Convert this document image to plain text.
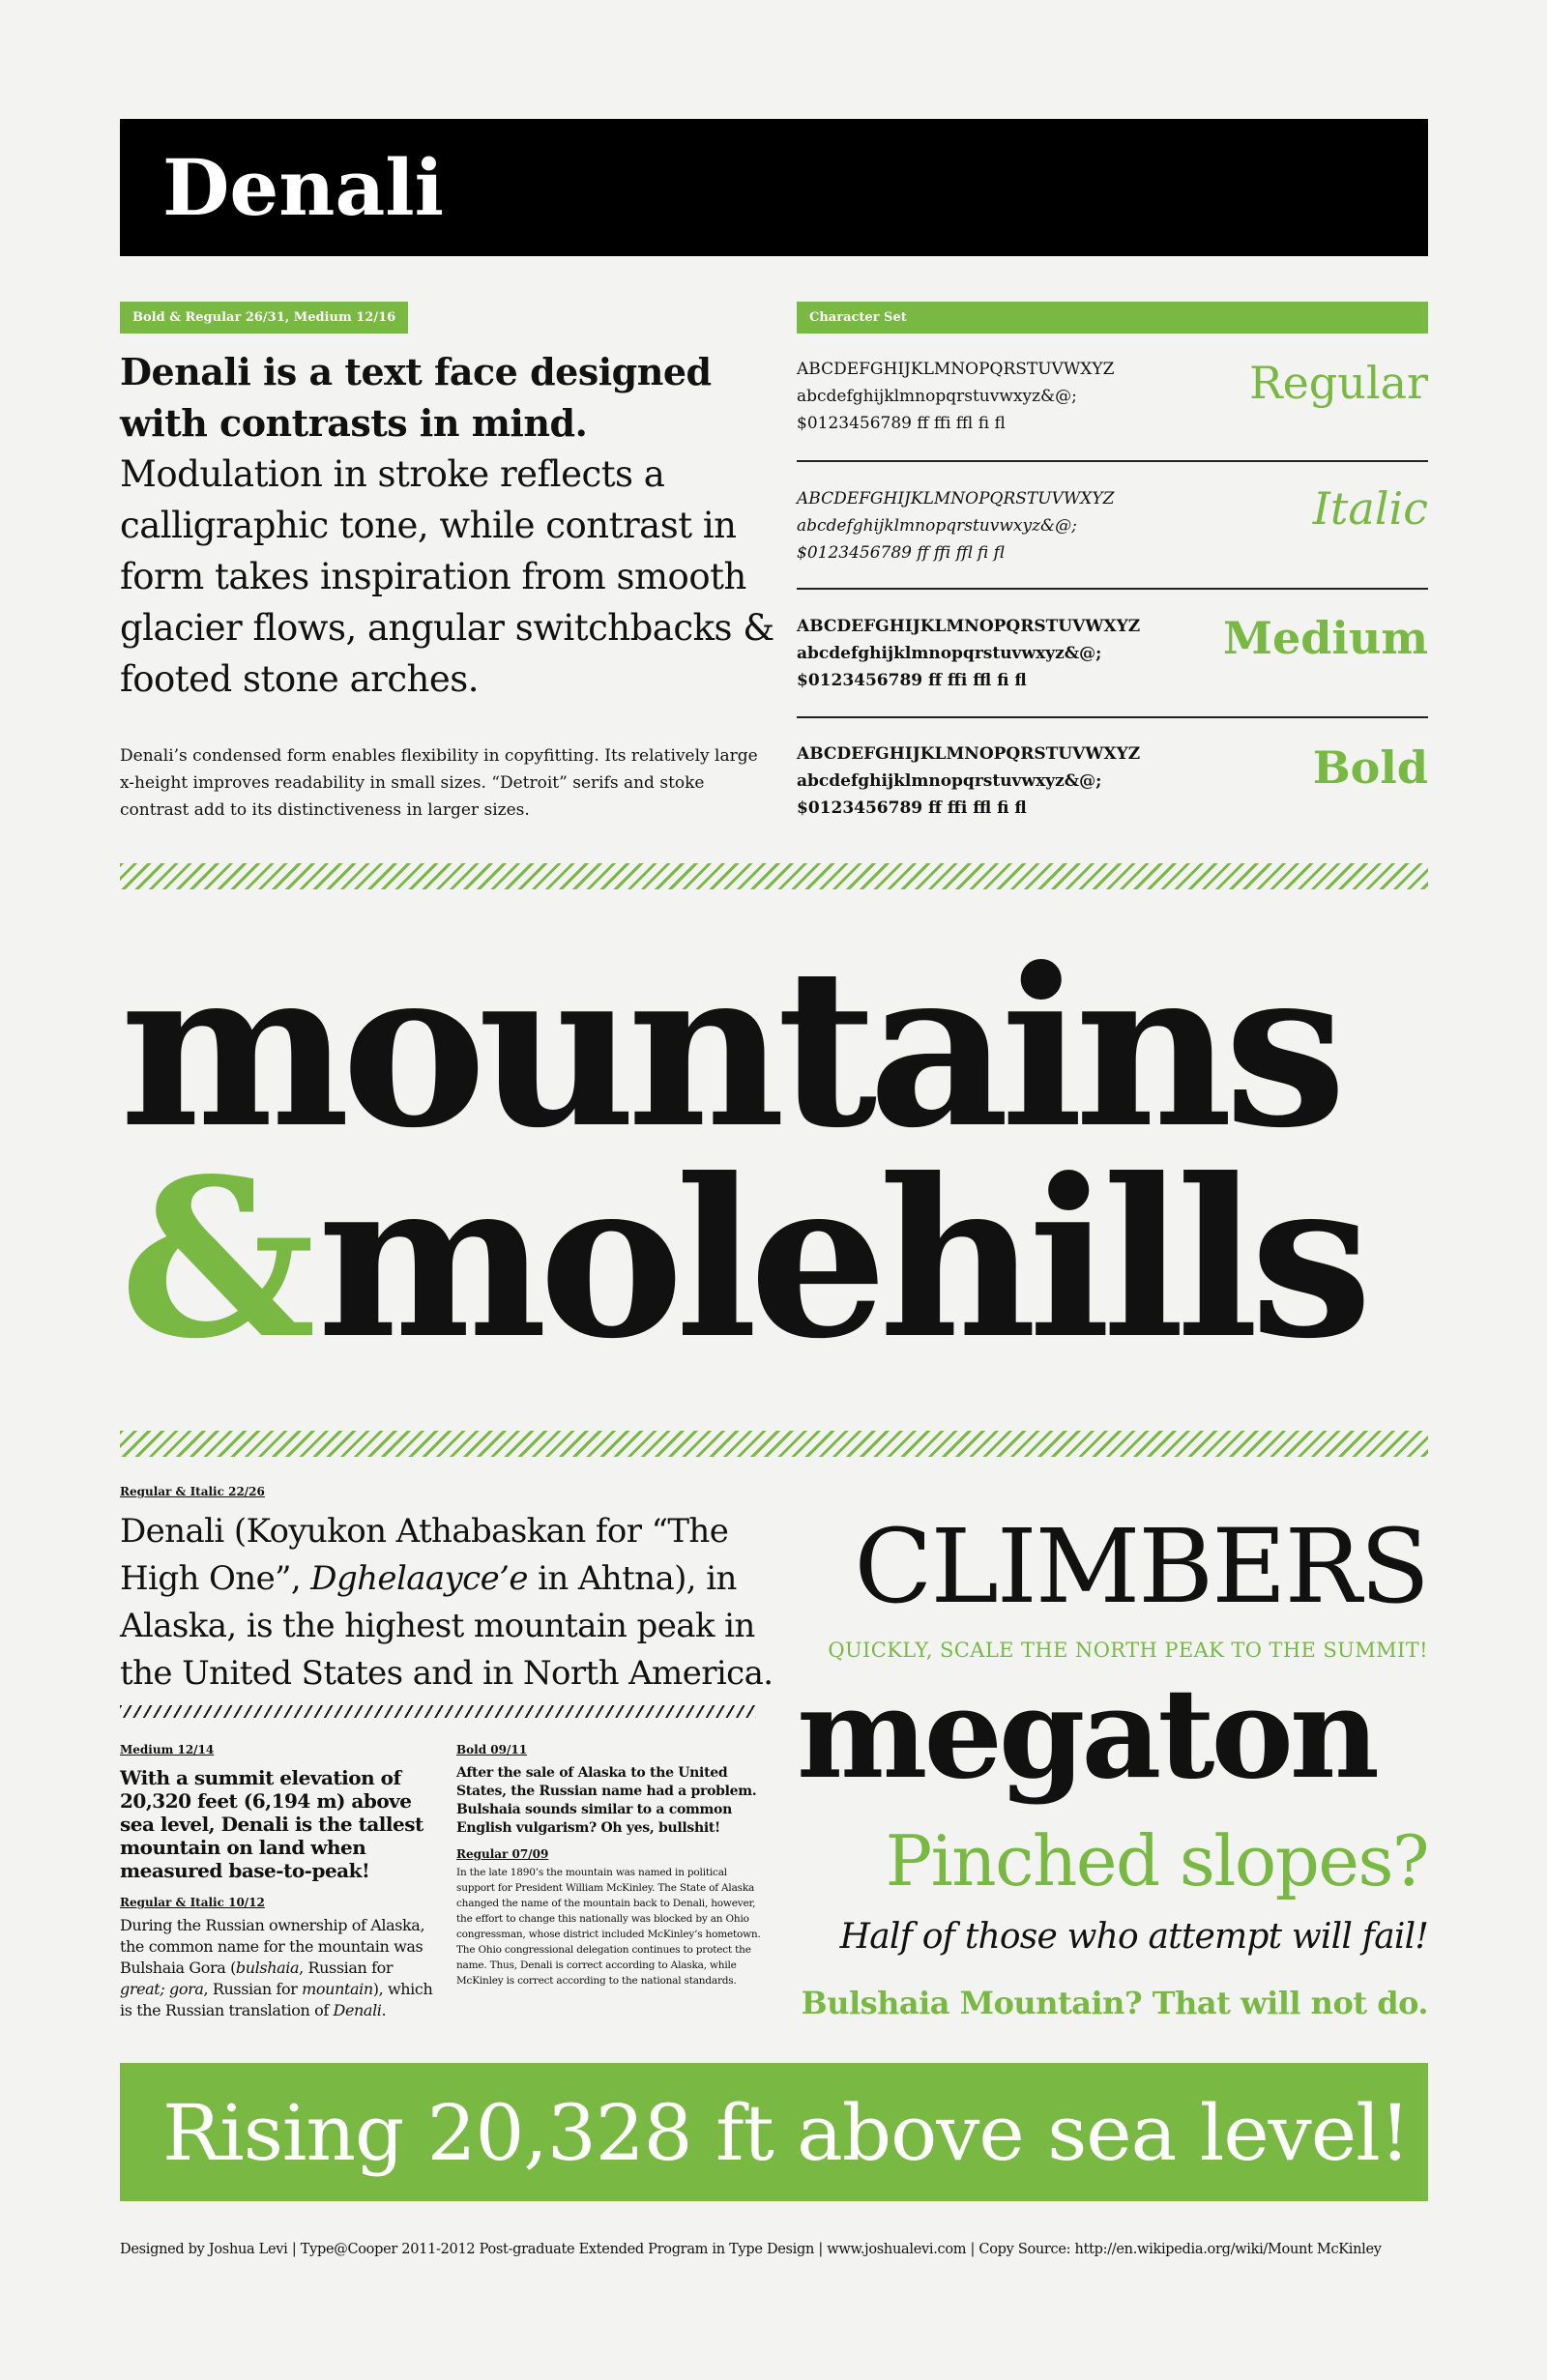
Denali
Bold & Regular 26/31, Medium 12/16
Denali is a text face designed with contrasts in mind.
Modulation in stroke reflects a calligraphic tone, while contrast in form takes inspiration from smooth glacier flows, angular switchbacks & footed stone arches.
Denali’s condensed form enables flexibility in copyfitting. Its relatively large x-height improves readability in small sizes. “Detroit” serifs and stoke contrast add to its distinctiveness in larger sizes.
Character Set
ABCDEFGHIJKLMNOPQRSTUVWXYZ
abcdefghijklmnopqrstuvwxyz&@;
$0123456789 ff ffi ffl fi fl
Regular
ABCDEFGHIJKLMNOPQRSTUVWXYZ
abcdefghijklmnopqrstuvwxyz&@;
$0123456789 ff ffi ffl fi fl
Italic
ABCDEFGHIJKLMNOPQRSTUVWXYZ
abcdefghijklmnopqrstuvwxyz&@;
$0123456789 ff ffi ffl fi fl
Medium
ABCDEFGHIJKLMNOPQRSTUVWXYZ
abcdefghijklmnopqrstuvwxyz&@;
$0123456789 ff ffi ffl fi fl
Bold
mountains
&molehills
Regular & Italic 22/26
Denali (Koyukon Athabaskan for “The High One”, Dghelaayce’e in Ahtna), in Alaska, is the highest mountain peak in the United States and in North America.
Medium 12/14
With a summit elevation of 20,320 feet (6,194 m) above sea level, Denali is the tallest mountain on land when measured base-to-peak!
Regular & Italic 10/12
During the Russian ownership of Alaska, the common name for the mountain was Bulshaia Gora (bulshaia, Russian for great; gora, Russian for mountain), which is the Russian translation of Denali.
Bold 09/11
After the sale of Alaska to the United States, the Russian name had a problem. Bulshaia sounds similar to a common English vulgarism? Oh yes, bullshit!
Regular 07/09
In the late 1890’s the mountain was named in political support for President William McKinley. The State of Alaska changed the name of the mountain back to Denali, however, the effort to change this nationally was blocked by an Ohio congressman, whose district included McKinley’s hometown. The Ohio congressional delegation continues to protect the name. Thus, Denali is correct according to Alaska, while McKinley is correct according to the national standards.
CLIMBERS
QUICKLY, SCALE THE NORTH PEAK TO THE SUMMIT!
megaton
Pinched slopes?
Half of those who attempt will fail!
Bulshaia Mountain? That will not do.
Rising 20,328 ft above sea level!
Designed by Joshua Levi | Type@Cooper 2011-2012 Post-graduate Extended Program in Type Design | www.joshualevi.com | Copy Source: http://en.wikipedia.org/wiki/Mount McKinley
